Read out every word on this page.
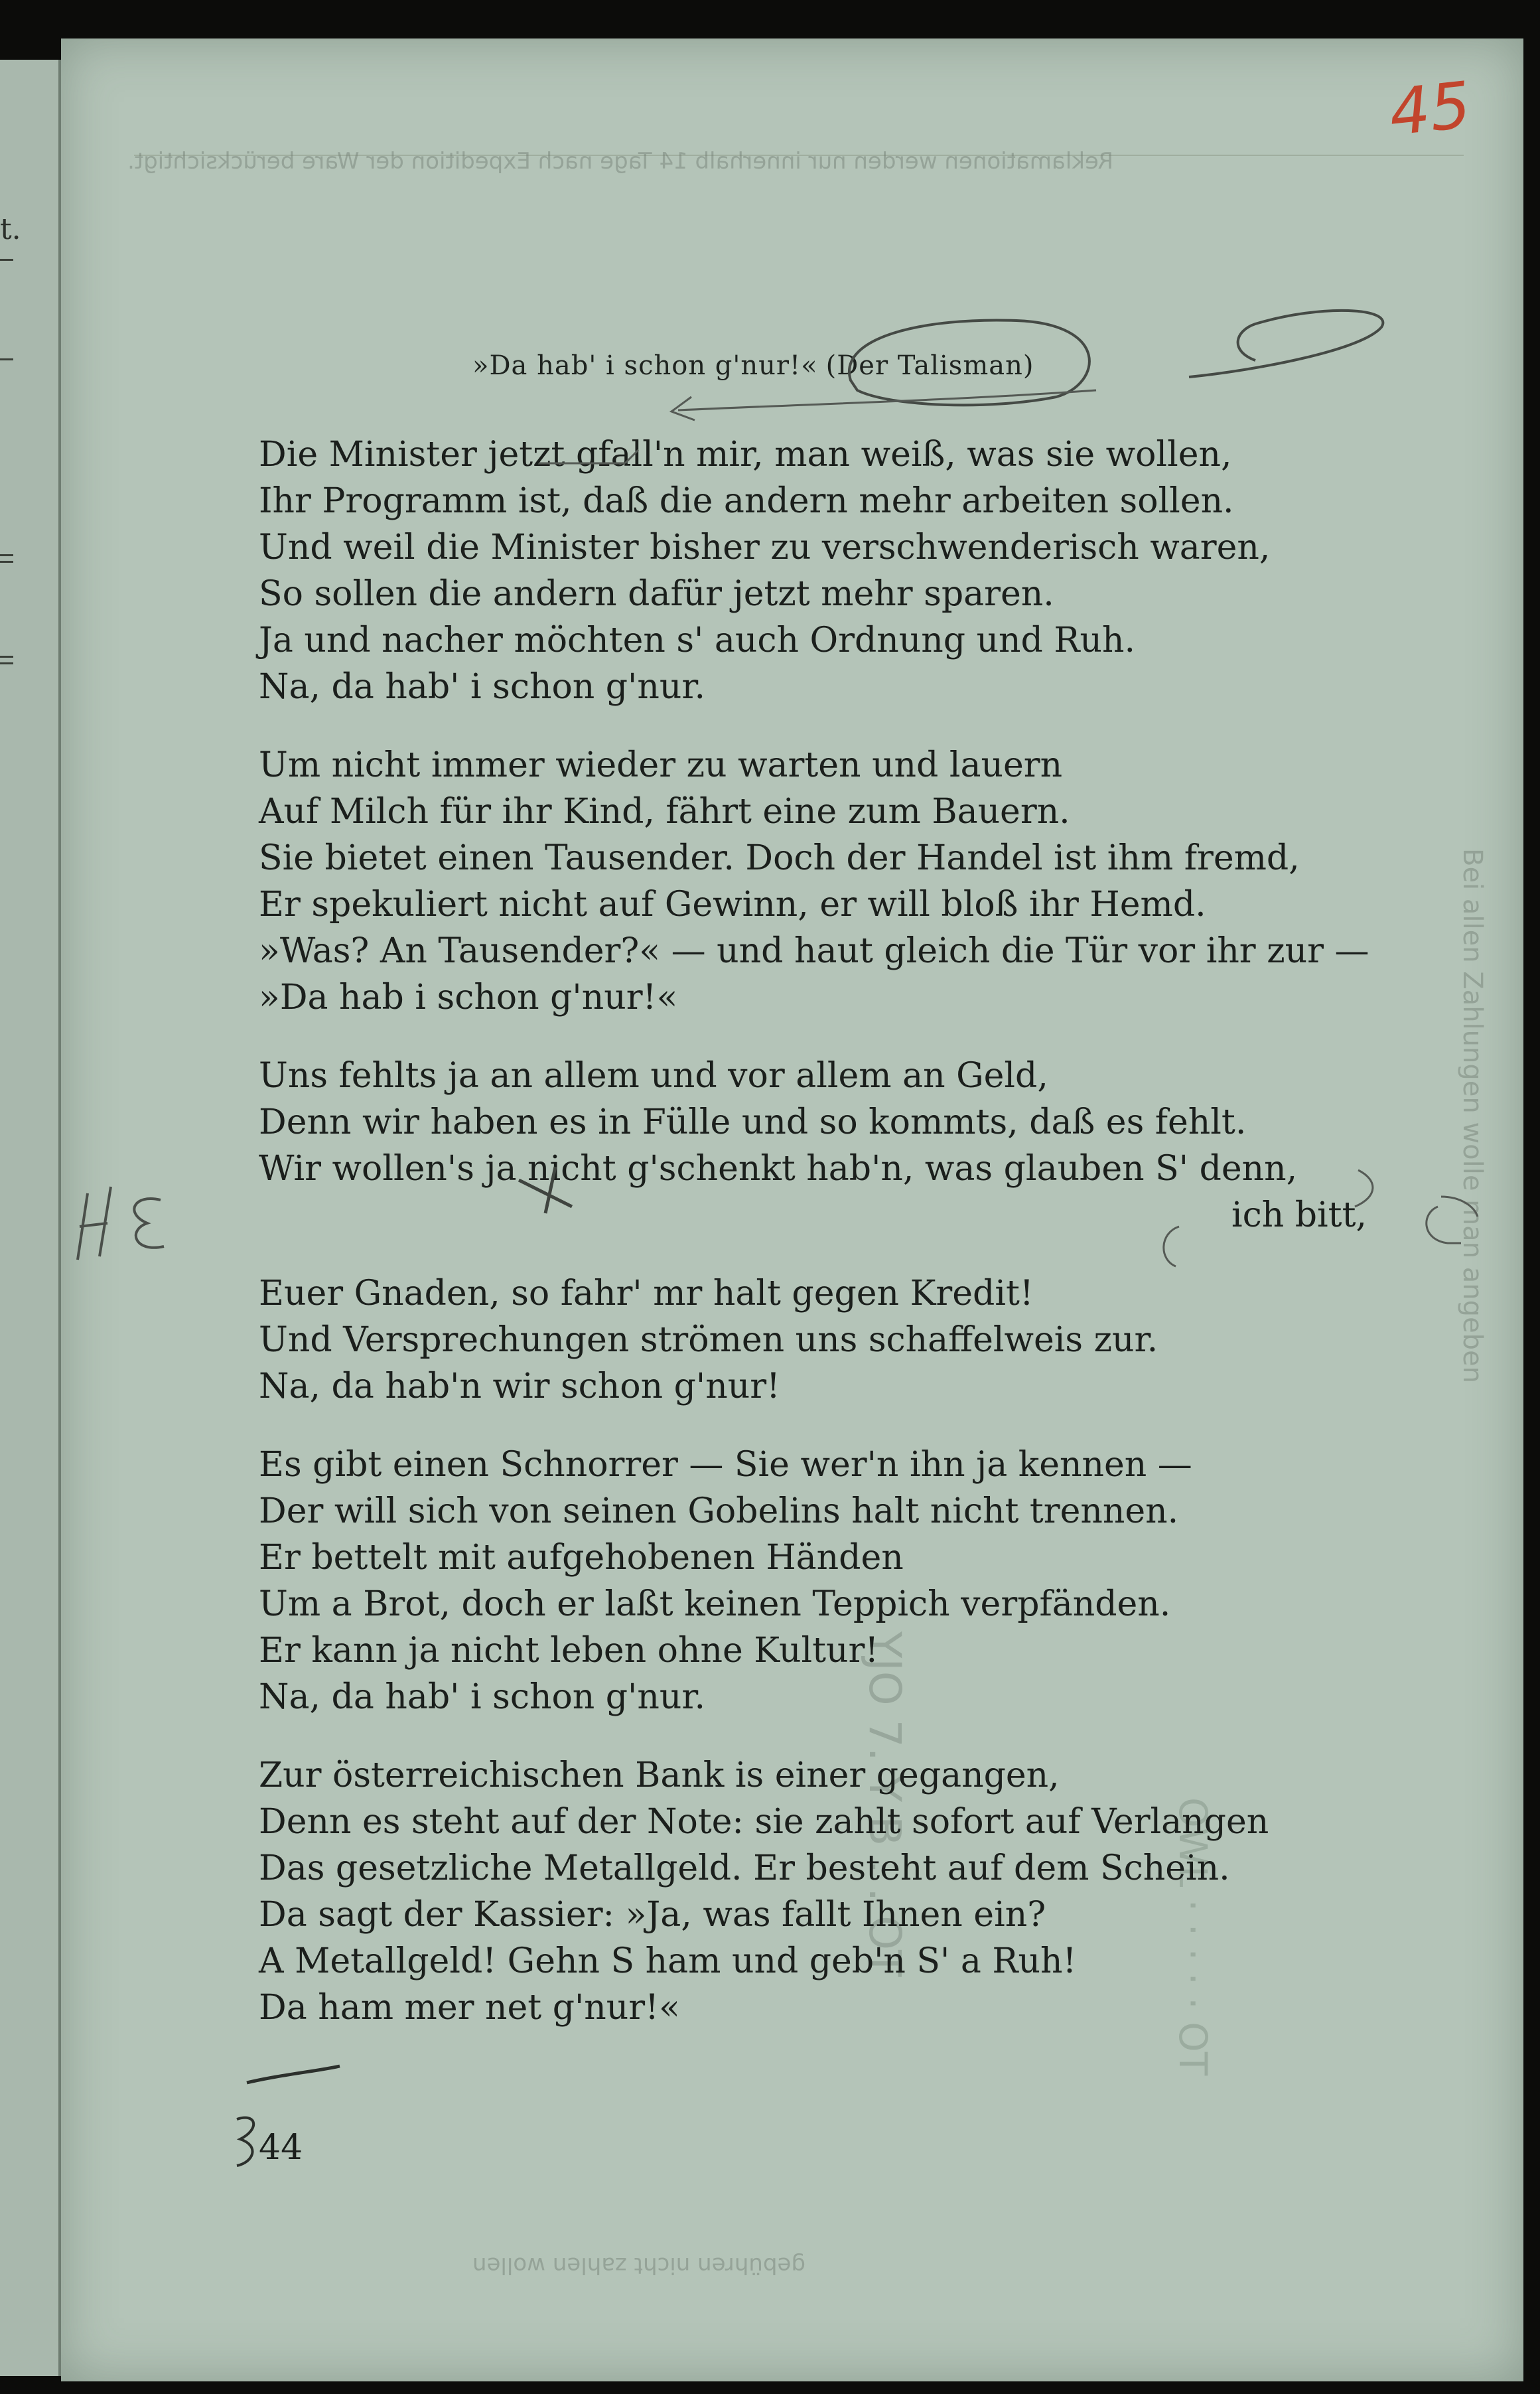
t.
Reklamationen werden nur innerhalb 14 Tage nach Expedition der Ware berücksichtigt.
gebühren nicht zahlen wollen
YJO 7. Y B . . OT	OWL · · · · · OT
Bei allen Zahlungen wolle man angeben
45
»Da hab' i schon g'nur!« (Der Talisman)
Die Minister jetzt gfall'n mir, man weiß, was sie wollen,
Ihr Programm ist, daß die andern mehr arbeiten sollen.
Und weil die Minister bisher zu verschwenderisch waren,
So sollen die andern dafür jetzt mehr sparen.
Ja und nacher möchten s' auch Ordnung und Ruh.
Na, da hab' i schon g'nur.
Um nicht immer wieder zu warten und lauern
Auf Milch für ihr Kind, fährt eine zum Bauern.
Sie bietet einen Tausender. Doch der Handel ist ihm fremd,
Er spekuliert nicht auf Gewinn, er will bloß ihr Hemd.
»Was? An Tausender?« — und haut gleich die Tür vor ihr zur —
»Da hab i schon g'nur!«
Uns fehlts ja an allem und vor allem an Geld,
Denn wir haben es in Fülle und so kommts, daß es fehlt.
Wir wollen's ja nicht g'schenkt hab'n, was glauben S' denn,
ich bitt,
Euer Gnaden, so fahr' mr halt gegen Kredit!
Und Versprechungen strömen uns schaffelweis zur.
Na, da hab'n wir schon g'nur!
Es gibt einen Schnorrer — Sie wer'n ihn ja kennen —
Der will sich von seinen Gobelins halt nicht trennen.
Er bettelt mit aufgehobenen Händen
Um a Brot, doch er laßt keinen Teppich verpfänden.
Er kann ja nicht leben ohne Kultur!
Na, da hab' i schon g'nur.
Zur österreichischen Bank is einer gegangen,
Denn es steht auf der Note: sie zahlt sofort auf Verlangen
Das gesetzliche Metallgeld. Er besteht auf dem Schein.
Da sagt der Kassier: »Ja, was fallt Ihnen ein?
A Metallgeld! Gehn S ham und geb'n S' a Ruh!
Da ham mer net g'nur!«
44
